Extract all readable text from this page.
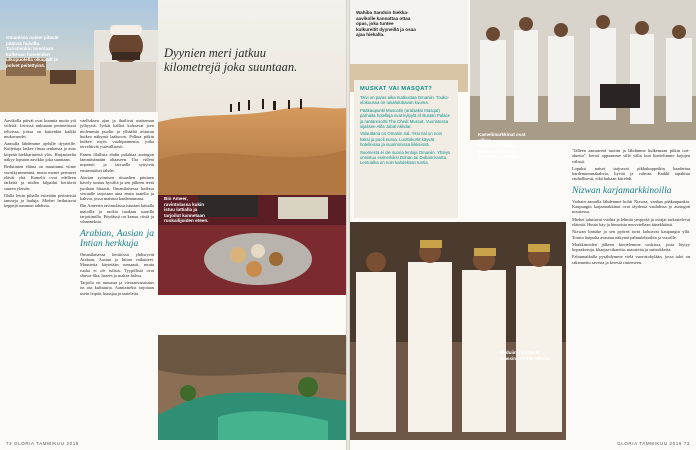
Omanissa naiset pitävät päänsä huivilla. Turistienkin toivotaan kulkevan hoteleiden ulkopuolella olkapäät ja polvet peitettyinä.
Dyynien meri jatkuu kilometrejä joka suuntaan.
Bin Ameer, ravintolassa kukin istuu lattialla ja tarjoilut kannetaan ruokailijoiden eteen.

vaelluksen ajan ja ihailivat maiseman jylhyyttä. Jyrkät kalliot kohoavat joen molemmin puolin ja ylhäältä avautuu huikea näkymä laaksoon. Polkua pitkin kulkee myös vuohipaimenia, jotka tervehtivät ystävällisesti.

Ennen illallista ehdin pulahtaa auringon lämmittämään altaaseen. Ilta viileni nopeasti ja taivaalle syttyivät ensimmäiset tähdet.

Aterian syömisen rituaalien pituinen kävely tuntuu hyvältä ja sen jälkeen teetä juodaan hitaasti. Omanilaisessa kodissa vieraalle tarjotaan aina ensin taatelia ja kahvia, jossa maistuu kardemumma.

Bin Ameerin ravintolassa istutaan lattialla matoilla ja ruokia tuodaan suurilla tarjottimilla. Pöydässä on kanaa, riisiä ja vihanneksia.

Arabian, Aasian ja Intian herkkuja

Omanilaisessa keittiössä yhdistyvät Arabian, Aasian ja Intian vaikutteet. Mausteita käytetään runsaasti, mutta ruoka ei ole tulista. Tyypillisiä ovat shuwa-liha, harees ja makea halwa.

Tarjoilu on runsasta ja vieraanvaraisuus on osa kulttuuria. Aamiaiseksi tarjotaan usein leipää, hunajaa ja taateleita.

Aavikolla päivät ovat kuumia mutta yöt viileitä. Leirissä nukutaan perinteisissä teltoissa, joissa on kuitenkin kaikki mukavuudet.

Aamulla lähdemme ajelulle dyyneille. Kuljettaja laskee ilmaa renkaista ja auto kiipeää hiekkarinteitä ylös. Harjanteelta näkyy loputon aavikko joka suuntaan.

Beduiinien elämä on muuttunut viime vuosikymmeninä, mutta monet perinteet elävät yhä. Kamelit ovat edelleen tärkeitä ja niiden kilpailut keräävät suuren yleisön.

Illalla leirin pihalla esitetään perinteisiä tansseja ja lauluja. Miehet heiluttavat keppejä rummun tahdissa.

72 GLORIA TAMMIKUU 2016
Kamelimarkkinat ovat vilkas kohtaamispaikka. Kauppa käydään perjantaiaamuisin.
Wahiba Sandsin hiekka-aavikolle kannattaa ottaa opas, joka tuntee kulkureitit dyyneillä ja osaa ajaa hiekalla.
MUSKAT VAI MASQAT?
Talvi on paras aika matkustaa Omaniin. Touko-elokuussa on tukahduttavan kuuma.
Pääkaupunki Muscatin (arabiaksi Masqat) parhaita hotelleja ovat kylpylä Al Bustan Palace ja rantaresortti The Chedi Muscat. Vuoristossa sijaitsee Alila Jabal Akhdar.
Valuuttana on Omanin rial. Yksi rial on noin kaksi ja puoli euroa. Luottokortit käyvät hotelleissa ja suurimmissa liikkeissä.
Suomesta ei ole suoria lentoja Omaniin. Yhteys onnistuu esimerkiksi Dohan tai Dubain kautta. Lentoaika on noin kahdeksan tuntia.
Beduiinit esittävät tanssin hotellin pihalla.

"Jälleen aamuteetä tuotiin ja lähdimme kulkemaan pitkin tori-aluetta", kertoi oppaamme sillä välin kun kiertelimme kojujen välissä.

Lopuksi naiset tarjoavat pikkukuppeihin kaadettua kardemummakahvia, hyvää ja vahvaa. Kaikki tapahtuu rauhallisesti, eikä kukaan kiirehdi.

Nizwan karjamarkkinoilla

Varhain aamulla lähdemme kohti Nizwaa, vanhaa pääkaupunkia. Kaupungin karjamarkkinat ovat täydessä vauhdissa jo auringon noustessa.

Miehet taluttavat vuohia ja lehmiä ympyrää ja ostajat tarkastelevat eläimiä. Huuto käy ja hinnoista neuvotellaan äänekkäästi.

Nizwan linnake ja sen pyöreä torni kohoavat kaupungin yllä. Tornin huipulta avautuu näkymä palmulehtoihin ja vuorille.

Markkinoiden jälkeen kiertelemme soukissa, josta löytyy hopeakoruja, khanjar-tikareita, mausteita ja suitsukkeita.

Paluumatkalla pysähdymme vielä vuoristokylään, jossa talot on rakennettu savesta ja kivestä rinteeseen.

GLORIA TAMMIKUU 2016 73
